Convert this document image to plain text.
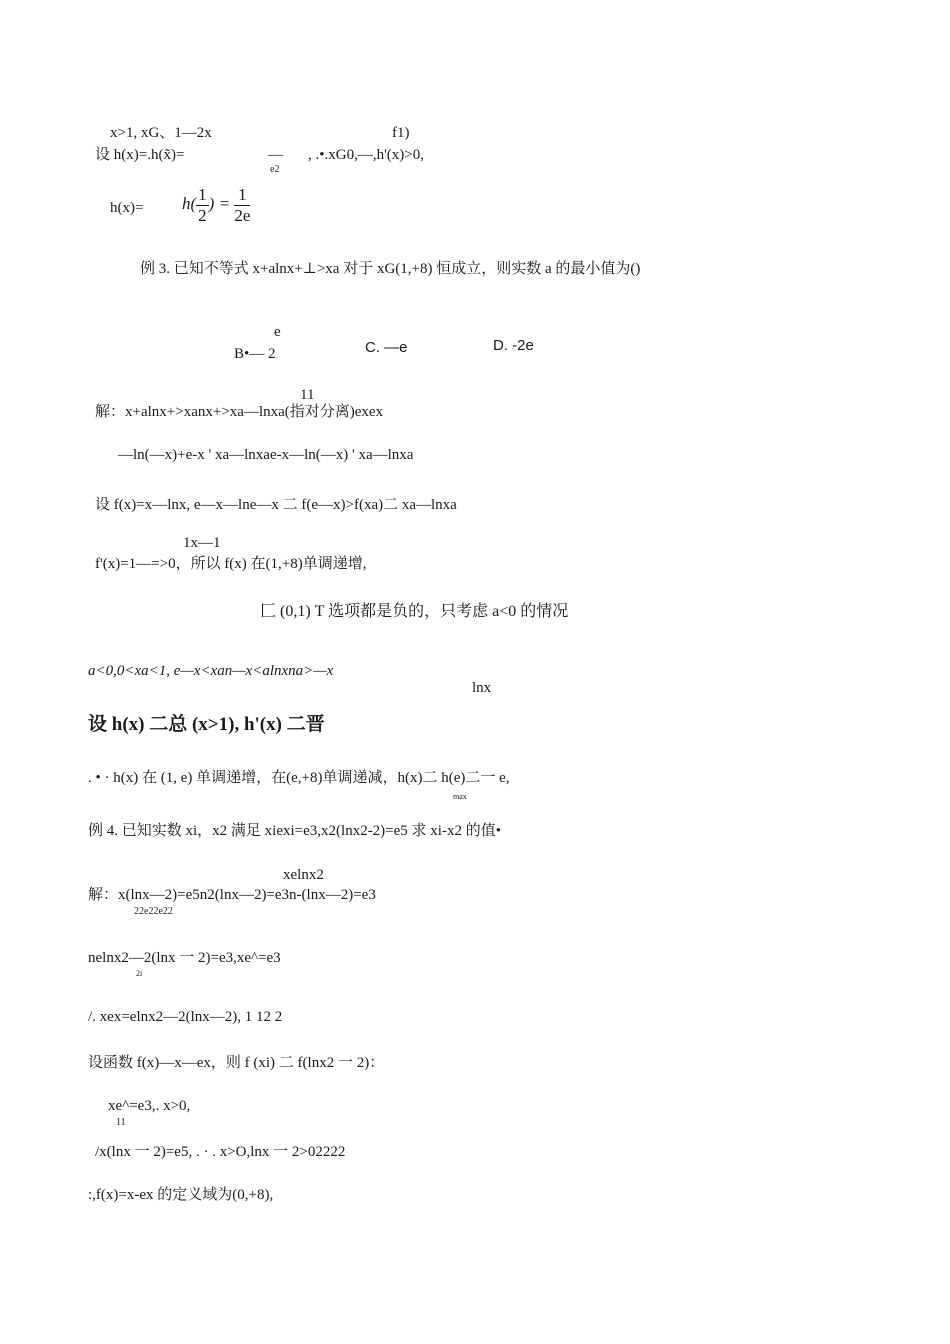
x>1, xG、1—2x	f1)
设 h(x)=.h(x̃)=	—
e2
, .•.xG0,—,h'(x)>0,
$h(x)= h( \frac{1}{2}$ ) = $\frac{1}{2e}$
例 3. 已知不等式 x+alnx+⊥>xa 对于 xG(1,+8) 恒成立，则实数 a 的最小值为()
e
B•— 2	C. —e	D. -2e
11
解：x+alnx+>xanx+>xa—lnxa(指对分离)exex
—ln(—x)+e-x ' xa—lnxae-x—ln(—x) ' xa—lnxa
设 f(x)=x—lnx, e—x—lne—x 二 f(e—x)>f(xa)二 xa—lnxa
1x—1
f'(x)=1—=>0，所以 f(x) 在(1,+8)单调递增,
匚 (0,1) T 选项都是负的，只考虑 a<0 的情况
a<0,0<xa<1, e—x<xan—x<alnxna>—x
lnx
设 h(x) 二总 (x>1), h'(x) 二晋
. • · h(x) 在 (1, e) 单调递增，在(e,+8)单调递减，h(x)二 h(e)二一 e,
max
例 4. 已知实数 xi，x2 满足 xiexi=e3,x2(lnx2-2)=e5 求 xi-x2 的值•
xelnx2
解：x(lnx—2)=e5n2(lnx—2)=e3n-(lnx—2)=e3
22e22e22
nelnx2—2(lnx 一 2)=e3,xe^=e3
2i
/. xex=elnx2—2(lnx—2), 1 12 2
设函数 f(x)—x—ex，则 f (xi) 二 f(lnx2 一 2)：
xe^=e3,. x>0,
11
/x(lnx 一 2)=e5, . · . x>O,lnx 一 2>02222
:,f(x)=x-ex 的定义域为(0,+8),
